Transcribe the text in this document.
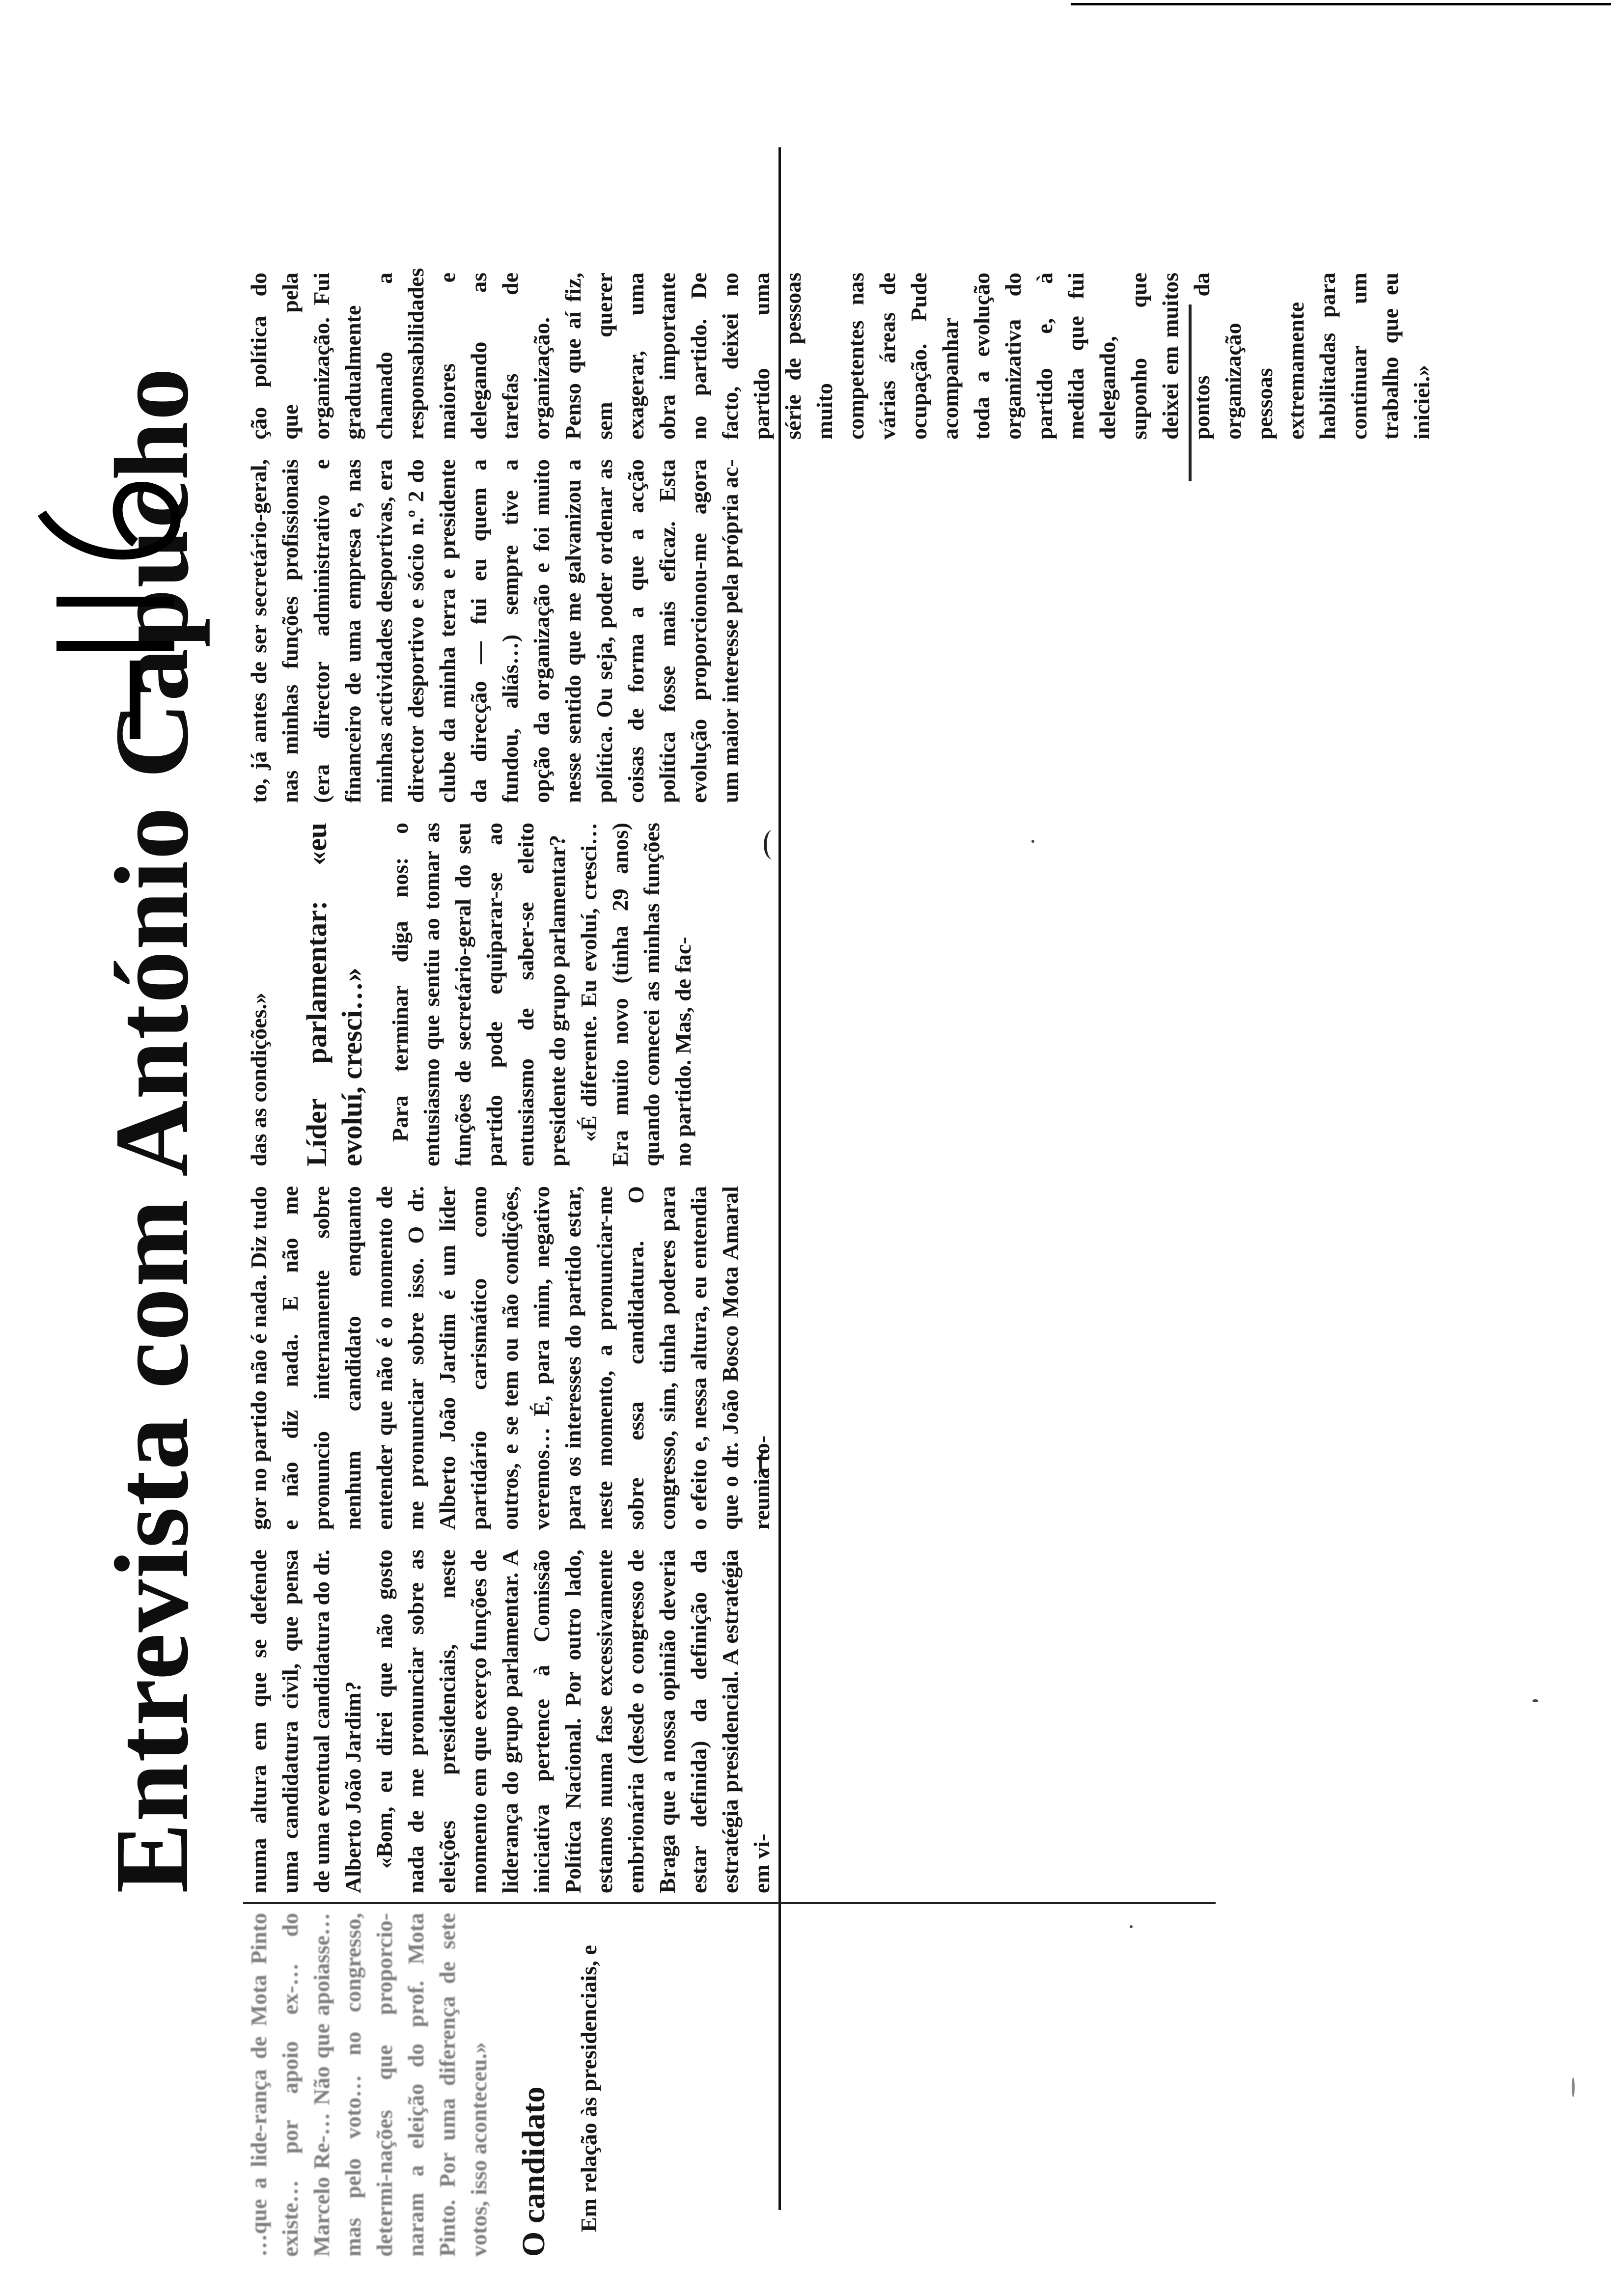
Entrevista com António Capucho
—116

…que a lide-rança de Mota Pinto existe… por apoio ex-… do Marcelo Re-… Não que apoiasse… mas pelo voto… no congresso, determi-nações que proporcio-naram a eleição do prof. Mota Pinto. Por uma diferença de sete votos, isso aconteceu.» O candidato Em relação às presidenciais, e

numa altura em que se defende uma candidatura civil, que pensa de uma eventual candidatura do dr. Alberto João Jardim? «Bom, eu direi que não gosto nada de me pronunciar sobre as eleições presidenciais, neste momento em que exerço funções de liderança do grupo parlamentar. A iniciativa pertence à Comissão Política Nacional. Por outro lado, estamos numa fase excessivamente embrionária (desde o congresso de Braga que a nossa opinião deveria estar definida) da definição da estratégia presidencial. A estratégia em vi-

gor no partido não é nada. Diz tudo e não diz nada. E não me pronuncio internamente sobre nenhum candidato enquanto entender que não é o momento de me pronunciar sobre isso. O dr. Alberto João Jardim é um líder partidário carismático como outros, e se tem ou não condições, veremos… É, para mim, negativo para os interesses do partido estar, neste momento, a pronunciar-me sobre essa candidatura. O congresso, sim, tinha poderes para o efeito e, nessa altura, eu entendia que o dr. João Bosco Mota Amaral reunia to-

das as condições.» Líder parlamentar: «eu evoluí, cresci…» Para terminar diga nos: o entusiasmo que sentiu ao tomar as funções de secretário-geral do seu partido pode equiparar-se ao entusiasmo de saber-se eleito presidente do grupo parlamentar? «É diferente. Eu evoluí, cresci… Era muito novo (tinha 29 anos) quando comecei as minhas funções no partido. Mas, de fac-

to, já antes de ser secretário-geral, nas minhas funções profissionais (era director administrativo e financeiro de uma empresa e, nas minhas actividades desportivas, era director desportivo e sócio n.º 2 do clube da minha terra e presidente da direcção — fui eu quem a fundou, aliás…) sempre tive a opção da organização e foi muito nesse sentido que me galvanizou a política. Ou seja, poder ordenar as coisas de forma a que a acção política fosse mais eficaz. Esta evolução proporcionou-me agora um maior interesse pela própria ac-

ção política do que pela organização. Fui gradualmente chamado a responsabilidades maiores e delegando as tarefas de organização. Penso que aí fiz, sem querer exagerar, uma obra importante no partido. De facto, deixei no partido uma série de pessoas muito competentes nas várias áreas de ocupação. Pude acompanhar toda a evolução organizativa do partido e, à medida que fui delegando, suponho que deixei em muitos pontos da organização pessoas extremamente habilitadas para continuar um trabalho que eu iniciei.»
